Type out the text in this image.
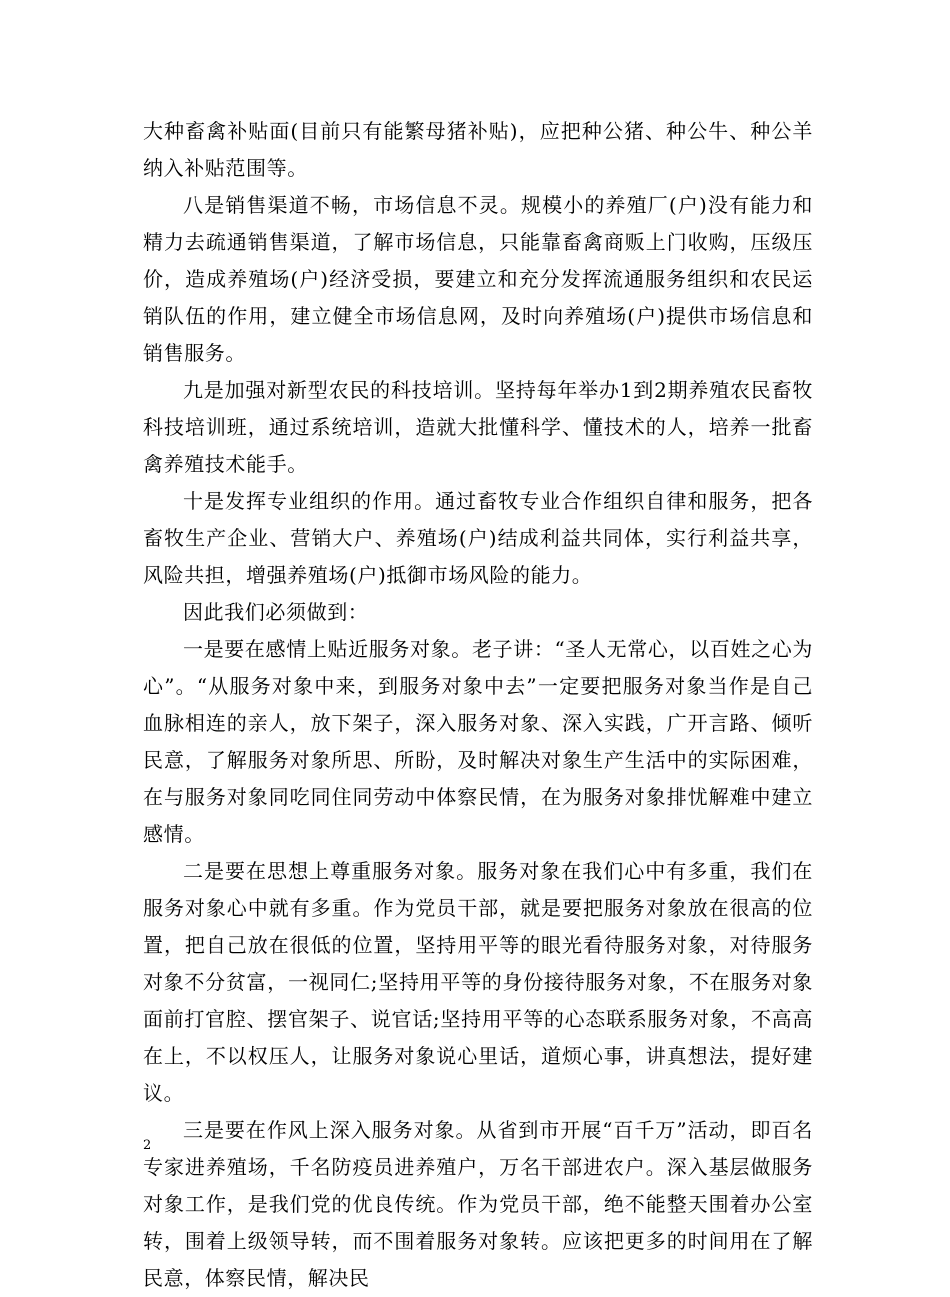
大种畜禽补贴面(目前只有能繁母猪补贴)，应把种公猪、种公牛、种公羊纳入补贴范围等。

八是销售渠道不畅，市场信息不灵。规模小的养殖厂(户)没有能力和精力去疏通销售渠道，了解市场信息，只能靠畜禽商贩上门收购，压级压价，造成养殖场(户)经济受损，要建立和充分发挥流通服务组织和农民运销队伍的作用，建立健全市场信息网，及时向养殖场(户)提供市场信息和销售服务。

九是加强对新型农民的科技培训。坚持每年举办1到2期养殖农民畜牧科技培训班，通过系统培训，造就大批懂科学、懂技术的人，培养一批畜禽养殖技术能手。

十是发挥专业组织的作用。通过畜牧专业合作组织自律和服务，把各畜牧生产企业、营销大户、养殖场(户)结成利益共同体，实行利益共享，风险共担，增强养殖场(户)抵御市场风险的能力。

因此我们必须做到：

一是要在感情上贴近服务对象。老子讲：“圣人无常心，以百姓之心为心”。“从服务对象中来，到服务对象中去”一定要把服务对象当作是自己血脉相连的亲人，放下架子，深入服务对象、深入实践，广开言路、倾听民意，了解服务对象所思、所盼，及时解决对象生产生活中的实际困难，在与服务对象同吃同住同劳动中体察民情，在为服务对象排忧解难中建立感情。

二是要在思想上尊重服务对象。服务对象在我们心中有多重，我们在服务对象心中就有多重。作为党员干部，就是要把服务对象放在很高的位置，把自己放在很低的位置，坚持用平等的眼光看待服务对象，对待服务对象不分贫富，一视同仁;坚持用平等的身份接待服务对象，不在服务对象面前打官腔、摆官架子、说官话;坚持用平等的心态联系服务对象，不高高在上，不以权压人，让服务对象说心里话，道烦心事，讲真想法，提好建议。

三是要在作风上深入服务对象。从省到市开展“百千万”活动，即百名专家进养殖场，千名防疫员进养殖户，万名干部进农户。深入基层做服务对象工作，是我们党的优良传统。作为党员干部，绝不能整天围着办公室转，围着上级领导转，而不围着服务对象转。应该把更多的时间用在了解民意，体察民情，解决民

2
